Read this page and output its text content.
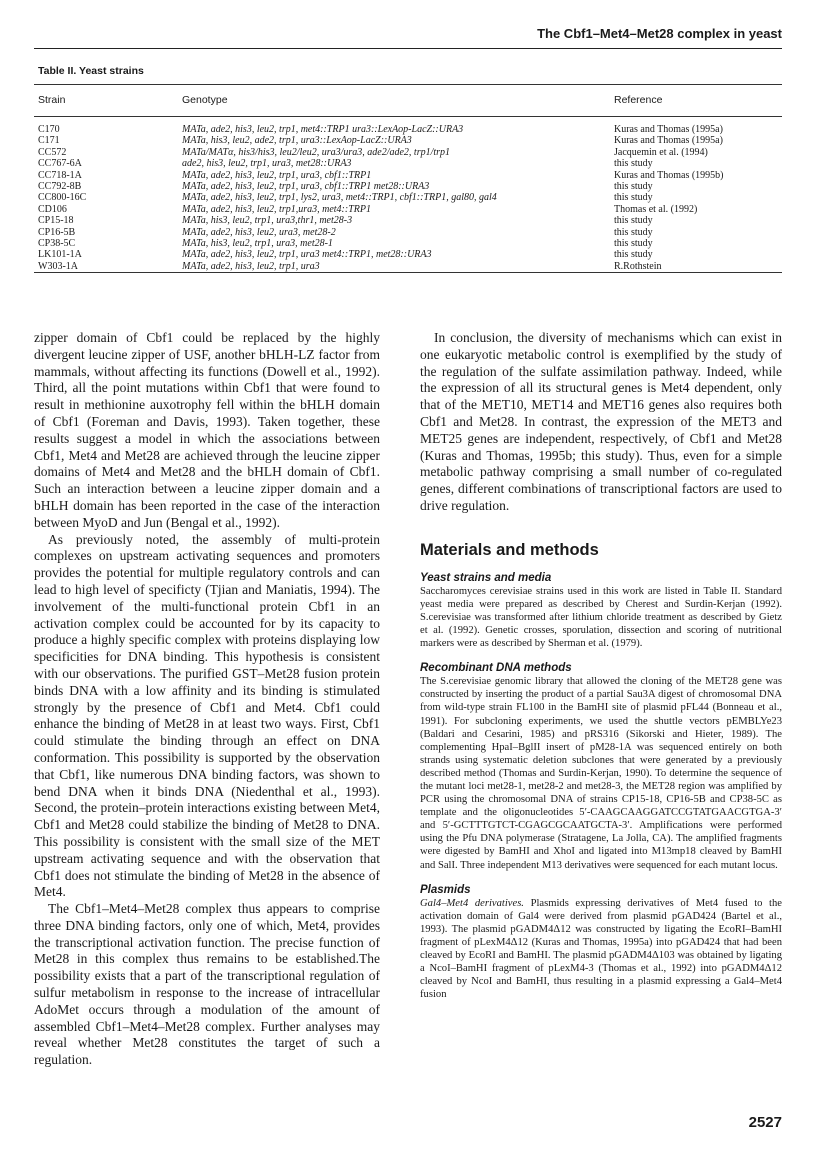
The Cbf1–Met4–Met28 complex in yeast
Table II. Yeast strains
Strain	Genotype	Reference
C170	MATa, ade2, his3, leu2, trp1, met4::TRP1 ura3::LexAop-LacZ::URA3	Kuras and Thomas (1995a)
C171	MATa, his3, leu2, ade2, trp1, ura3::LexAop-LacZ::URA3	Kuras and Thomas (1995a)
CC572	MATa/MATα, his3/his3, leu2/leu2, ura3/ura3, ade2/ade2, trp1/trp1	Jacquemin et al. (1994)
CC767-6A	ade2, his3, leu2, trp1, ura3, met28::URA3	this study
CC718-1A	MATa, ade2, his3, leu2, trp1, ura3, cbf1::TRP1	Kuras and Thomas (1995b)
CC792-8B	MATa, ade2, his3, leu2, trp1, ura3, cbf1::TRP1 met28::URA3	this study
CC800-16C	MATa, ade2, his3, leu2, trp1, lys2, ura3, met4::TRP1, cbf1::TRP1, gal80, gal4	this study
CD106	MATa, ade2, his3, leu2, trp1,ura3, met4::TRP1	Thomas et al. (1992)
CP15-18	MATa, his3, leu2, trp1, ura3,thr1, met28-3	this study
CP16-5B	MATa, ade2, his3, leu2, ura3, met28-2	this study
CP38-5C	MATa, his3, leu2, trp1, ura3, met28-1	this study
LK101-1A	MATa, ade2, his3, leu2, trp1, ura3 met4::TRP1, met28::URA3	this study
W303-1A	MATa, ade2, his3, leu2, trp1, ura3	R.Rothstein

zipper domain of Cbf1 could be replaced by the highly divergent leucine zipper of USF, another bHLH-LZ factor from mammals, without affecting its functions (Dowell et al., 1992). Third, all the point mutations within Cbf1 that were found to result in methionine auxotrophy fell within the bHLH domain of Cbf1 (Foreman and Davis, 1993). Taken together, these results suggest a model in which the associations between Cbf1, Met4 and Met28 are achieved through the leucine zipper domains of Met4 and Met28 and the bHLH domain of Cbf1. Such an interaction between a leucine zipper domain and a bHLH domain has been reported in the case of the interaction between MyoD and Jun (Bengal et al., 1992).

As previously noted, the assembly of multi-protein complexes on upstream activating sequences and promoters provides the potential for multiple regulatory controls and can lead to high level of specificty (Tjian and Maniatis, 1994). The involvement of the multi-functional protein Cbf1 in an activation complex could be accounted for by its capacity to produce a highly specific complex with proteins displaying low specificities for DNA binding. This hypothesis is consistent with our observations. The purified GST–Met28 fusion protein binds DNA with a low affinity and its binding is stimulated strongly by the presence of Cbf1 and Met4. Cbf1 could enhance the binding of Met28 in at least two ways. First, Cbf1 could stimulate the binding through an effect on DNA conformation. This possibility is supported by the observation that Cbf1, like numerous DNA binding factors, was shown to bend DNA when it binds DNA (Niedenthal et al., 1993). Second, the protein–protein interactions existing between Met4, Cbf1 and Met28 could stabilize the binding of Met28 to DNA. This possibility is consistent with the small size of the MET upstream activating sequence and with the observation that Cbf1 does not stimulate the binding of Met28 in the absence of Met4.

The Cbf1–Met4–Met28 complex thus appears to comprise three DNA binding factors, only one of which, Met4, provides the transcriptional activation function. The precise function of Met28 in this complex thus remains to be established.The possibility exists that a part of the transcriptional regulation of sulfur metabolism in response to the increase of intracellular AdoMet occurs through a modulation of the amount of assembled Cbf1–Met4–Met28 complex. Further analyses may reveal whether Met28 constitutes the target of such a regulation.

In conclusion, the diversity of mechanisms which can exist in one eukaryotic metabolic control is exemplified by the study of the regulation of the sulfate assimilation pathway. Indeed, while the expression of all its structural genes is Met4 dependent, only that of the MET10, MET14 and MET16 genes also requires both Cbf1 and Met28. In contrast, the expression of the MET3 and MET25 genes are independent, respectively, of Cbf1 and Met28 (Kuras and Thomas, 1995b; this study). Thus, even for a simple metabolic pathway comprising a small number of co-regulated genes, different combinations of transcriptional factors are used to drive regulation.

Materials and methods
Yeast strains and media

Saccharomyces cerevisiae strains used in this work are listed in Table II. Standard yeast media were prepared as described by Cherest and Surdin-Kerjan (1992). S.cerevisiae was transformed after lithium chloride treatment as described by Gietz et al. (1992). Genetic crosses, sporulation, dissection and scoring of nutritional markers were as described by Sherman et al. (1979).

Recombinant DNA methods

The S.cerevisiae genomic library that allowed the cloning of the MET28 gene was constructed by inserting the product of a partial Sau3A digest of chromosomal DNA from wild-type strain FL100 in the BamHI site of plasmid pFL44 (Bonneau et al., 1991). For subcloning experiments, we used the shuttle vectors pEMBLYe23 (Baldari and Cesarini, 1985) and pRS316 (Sikorski and Hieter, 1989). The complementing HpaI–BglII insert of pM28-1A was sequenced entirely on both strands using systematic deletion subclones that were generated by a previously described method (Thomas and Surdin-Kerjan, 1990). To determine the sequence of the mutant loci met28-1, met28-2 and met28-3, the MET28 region was amplified by PCR using the chromosomal DNA of strains CP15-18, CP16-5B and CP38-5C as template and the oligonucleotides 5′-CAAGCAAGGATCCGTATGAACGTGA-3′ and 5′-GCTTTGTCT-CGAGCGCAATGCTA-3′. Amplifications were performed using the Pfu DNA polymerase (Stratagene, La Jolla, CA). The amplified fragments were digested by BamHI and XhoI and ligated into M13mp18 cleaved by BamHI and SalI. Three independent M13 derivatives were sequenced for each mutant locus.

Plasmids

Gal4–Met4 derivatives. Plasmids expressing derivatives of Met4 fused to the activation domain of Gal4 were derived from plasmid pGAD424 (Bartel et al., 1993). The plasmid pGADM4Δ12 was constructed by ligating the EcoRI–BamHI fragment of pLexM4Δ12 (Kuras and Thomas, 1995a) into pGAD424 that had been cleaved by EcoRI and BamHI. The plasmid pGADM4Δ103 was obtained by ligating a NcoI–BamHI fragment of pLexM4-3 (Thomas et al., 1992) into pGADM4Δ12 cleaved by NcoI and BamHI, thus resulting in a plasmid expressing a Gal4–Met4 fusion

2527
